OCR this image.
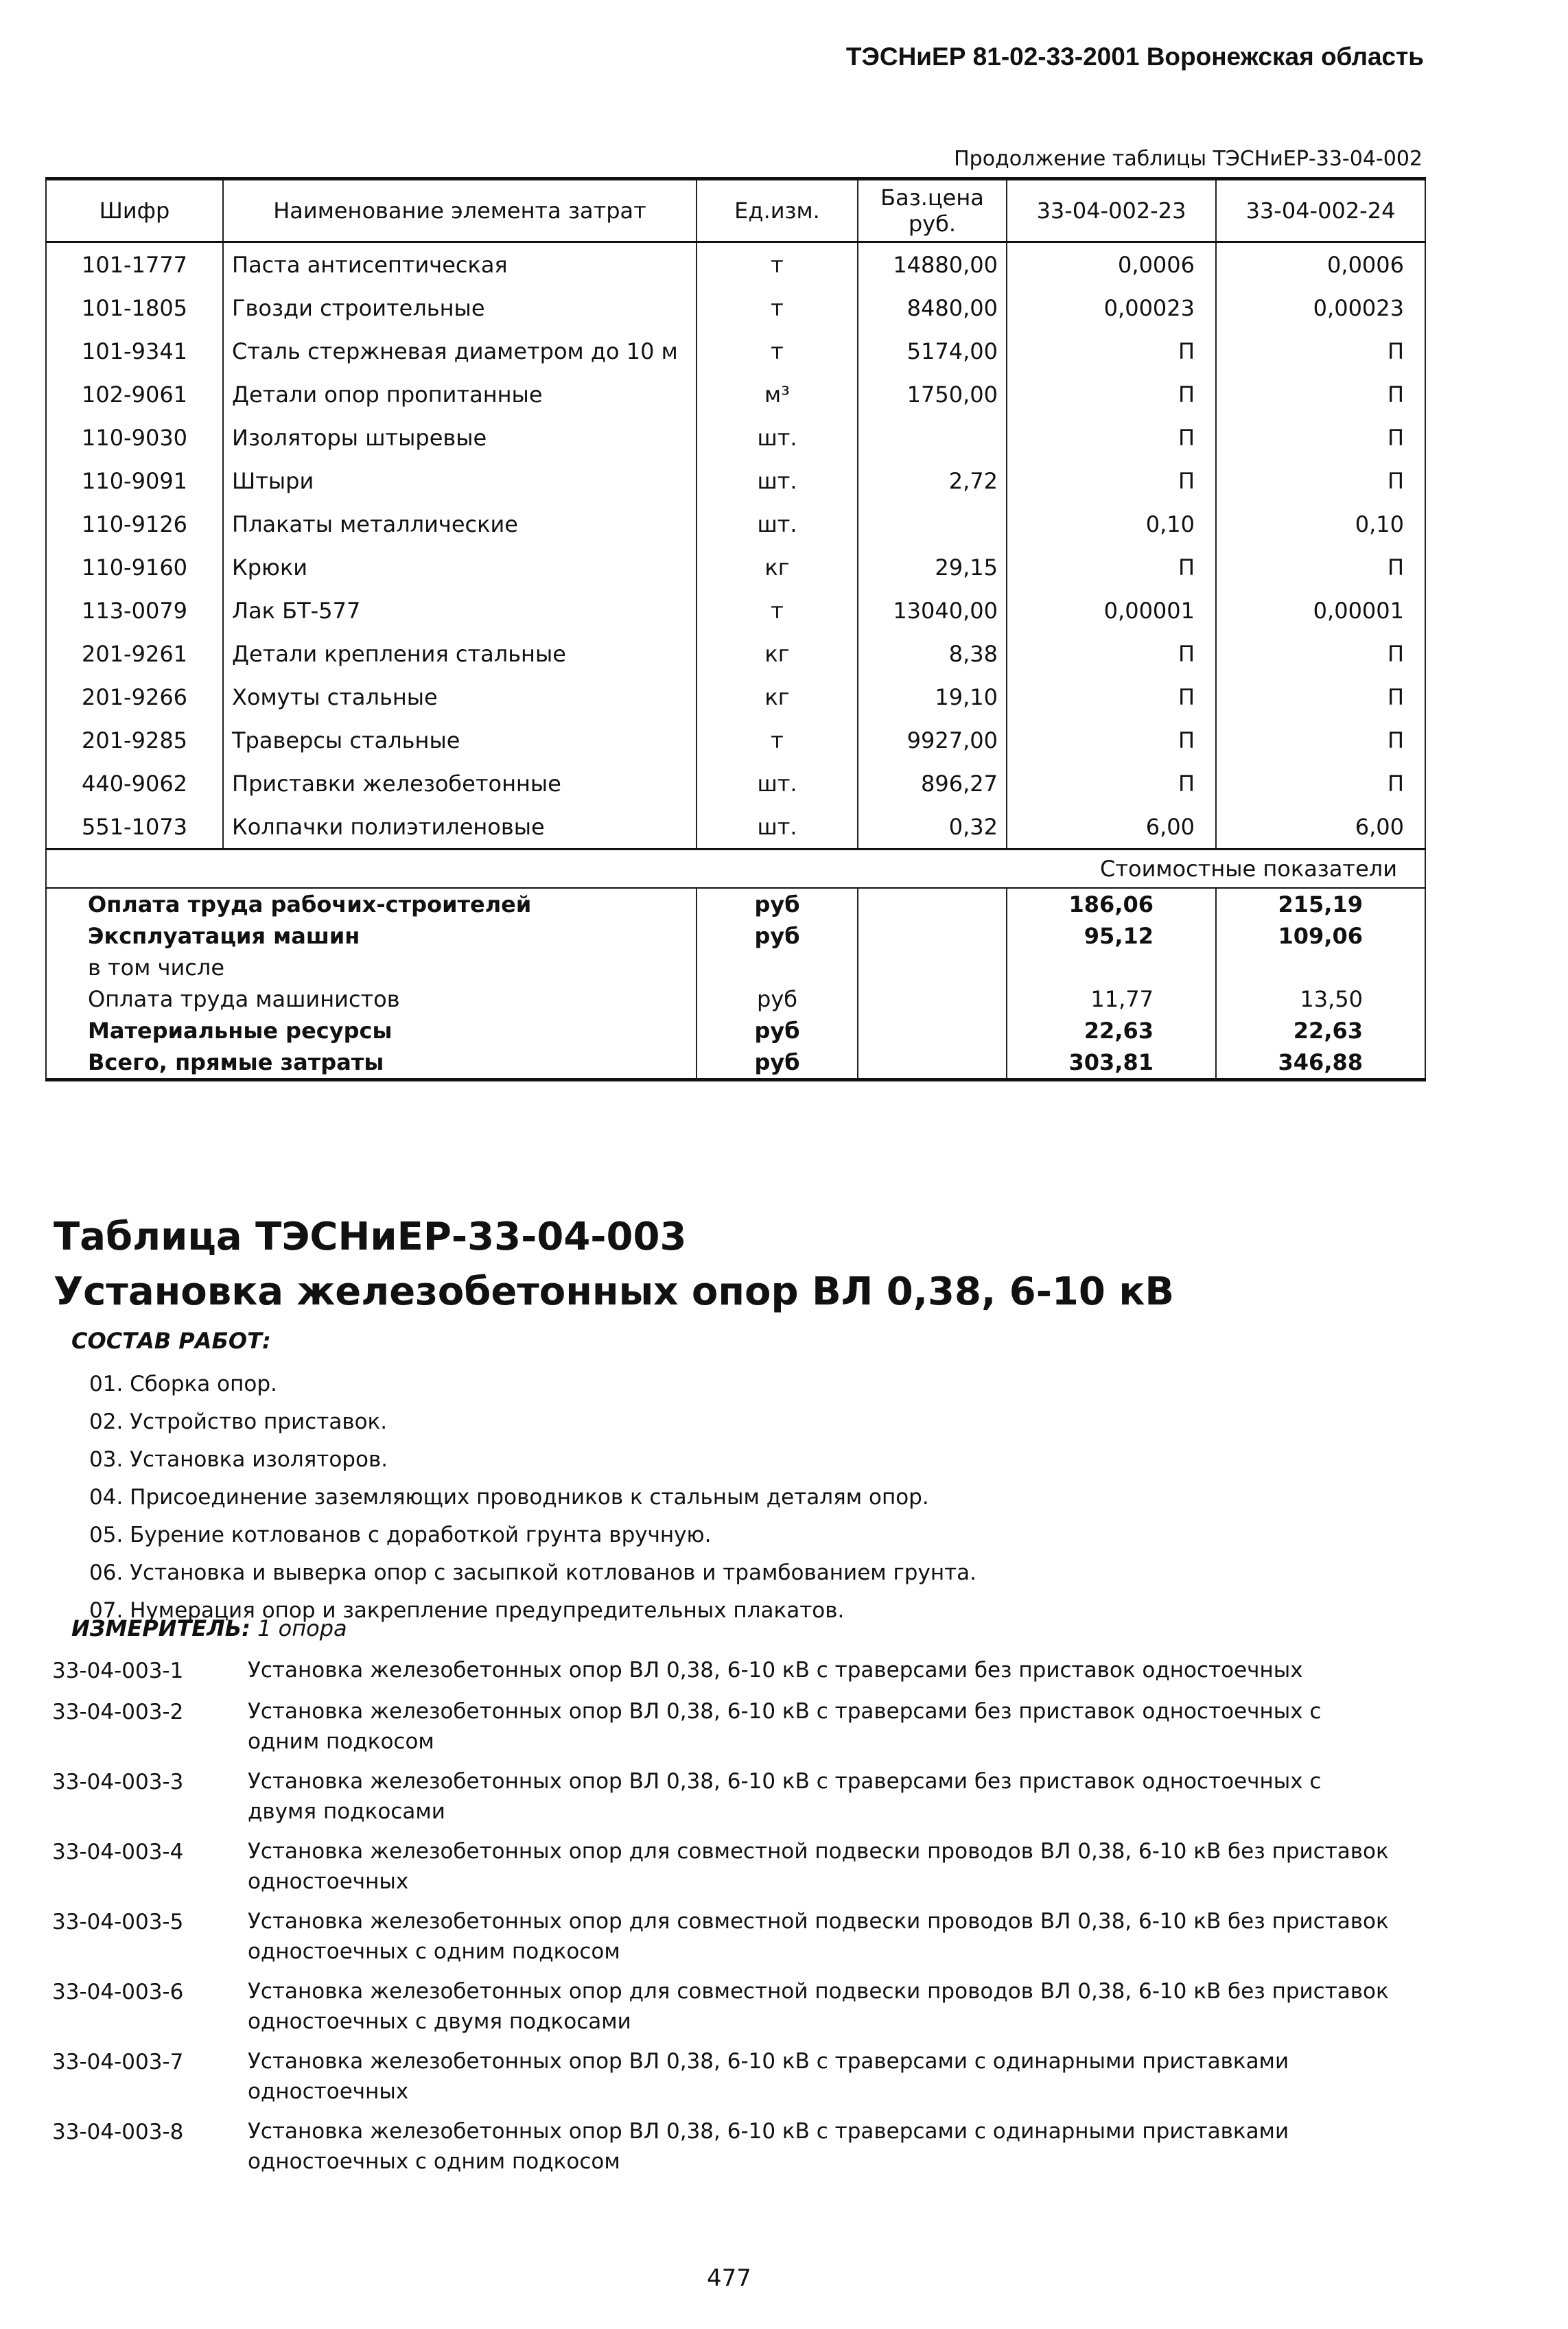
ТЭСНиЕР 81-02-33-2001 Воронежская область
Продолжение таблицы ТЭСНиЕР-33-04-002
Шифр	Наименование элемента затрат	Ед.изм.	Баз.цена руб.	33-04-002-23	33-04-002-24
101-1777	Паста антисептическая	т	14880,00	0,0006	0,0006
101-1805	Гвозди строительные	т	8480,00	0,00023	0,00023
101-9341	Сталь стержневая диаметром до 10 м	т	5174,00	П	П
102-9061	Детали опор пропитанные	м³	1750,00	П	П
110-9030	Изоляторы штыревые	шт.		П	П
110-9091	Штыри	шт.	2,72	П	П
110-9126	Плакаты металлические	шт.		0,10	0,10
110-9160	Крюки	кг	29,15	П	П
113-0079	Лак БТ-577	т	13040,00	0,00001	0,00001
201-9261	Детали крепления стальные	кг	8,38	П	П
201-9266	Хомуты стальные	кг	19,10	П	П
201-9285	Траверсы стальные	т	9927,00	П	П
440-9062	Приставки железобетонные	шт.	896,27	П	П
551-1073	Колпачки полиэтиленовые	шт.	0,32	6,00	6,00
Стоимостные показатели					
Оплата труда рабочих-строителей		руб		186,06	215,19
Эксплуатация машин		руб		95,12	109,06
в том числе					
Оплата труда машинистов		руб		11,77	13,50
Материальные ресурсы		руб		22,63	22,63
Всего, прямые затраты		руб		303,81	346,88
Таблица ТЭСНиЕР-33-04-003
Установка железобетонных опор ВЛ 0,38, 6-10 кВ
СОСТАВ РАБОТ:
01. Сборка опор.
02. Устройство приставок.
03. Установка изоляторов.
04. Присоединение заземляющих проводников к стальным деталям опор.
05. Бурение котлованов с доработкой грунта вручную.
06. Установка и выверка опор с засыпкой котлованов и трамбованием грунта.
07. Нумерация опор и закрепление предупредительных плакатов.
ИЗМЕРИТЕЛЬ: 1 опора
33-04-003-1	Установка железобетонных опор ВЛ 0,38, 6-10 кВ с траверсами без приставок одностоечных
33-04-003-2	Установка железобетонных опор ВЛ 0,38, 6-10 кВ с траверсами без приставок одностоечных с одним подкосом
33-04-003-3	Установка железобетонных опор ВЛ 0,38, 6-10 кВ с траверсами без приставок одностоечных с двумя подкосами
33-04-003-4	Установка железобетонных опор для совместной подвески проводов ВЛ 0,38, 6-10 кВ без приставок одностоечных
33-04-003-5	Установка железобетонных опор для совместной подвески проводов ВЛ 0,38, 6-10 кВ без приставок одностоечных с одним подкосом
33-04-003-6	Установка железобетонных опор для совместной подвески проводов ВЛ 0,38, 6-10 кВ без приставок одностоечных с двумя подкосами
33-04-003-7	Установка железобетонных опор ВЛ 0,38, 6-10 кВ с траверсами с одинарными приставками одностоечных
33-04-003-8	Установка железобетонных опор ВЛ 0,38, 6-10 кВ с траверсами с одинарными приставками одностоечных с одним подкосом
477
